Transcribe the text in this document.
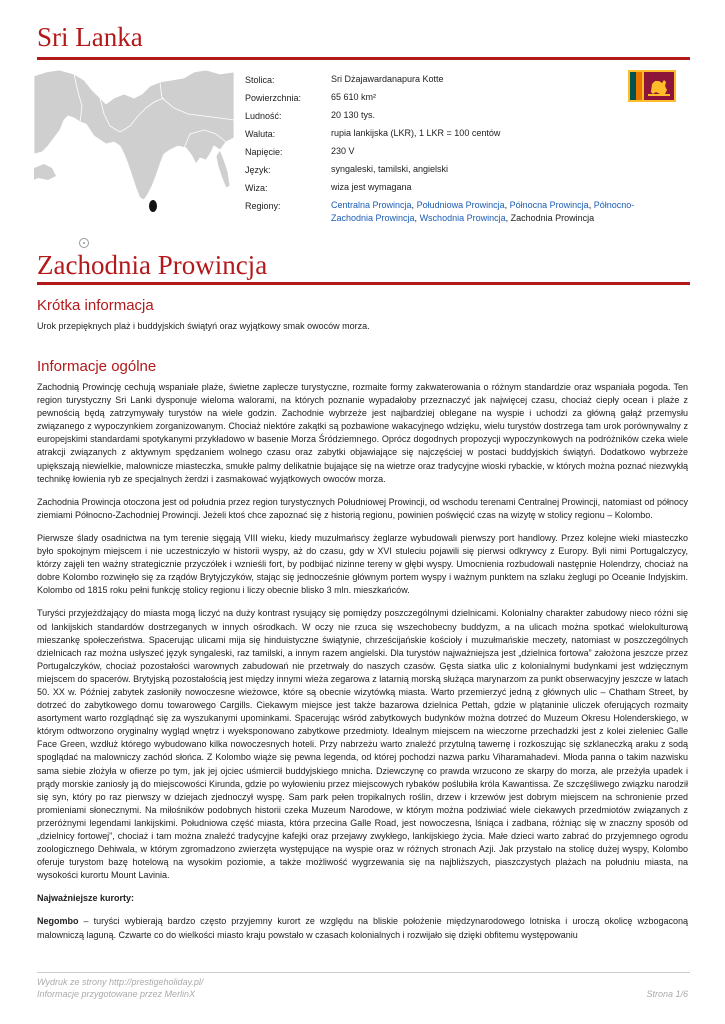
Sri Lanka
Stolica:	Sri Dżajawardanapura Kotte
Powierzchnia:	65 610 km²
Ludność:	20 130 tys.
Waluta:	rupia lankijska (LKR), 1 LKR = 100 centów
Napięcie:	230 V
Język:	syngaleski, tamilski, angielski
Wiza:	wiza jest wymagana
Regiony:	Centralna Prowincja, Południowa Prowincja, Północna Prowincja, Północno-Zachodnia Prowincja, Wschodnia Prowincja, Zachodnia Prowincja
Zachodnia Prowincja
Krótka informacja

Urok przepięknych plaż i buddyjskich świątyń oraz wyjątkowy smak owoców morza.

Informacje ogólne

Zachodnią Prowincję cechują wspaniałe plaże, świetne zaplecze turystyczne, rozmaite formy zakwaterowania o różnym standardzie oraz wspaniała pogoda. Ten region turystyczny Sri Lanki dysponuje wieloma walorami, na których poznanie wypadałoby przeznaczyć jak najwięcej czasu, chociaż ciepły ocean i plaże z pewnością będą zatrzymywały turystów na wiele godzin. Zachodnie wybrzeże jest najbardziej oblegane na wyspie i uchodzi za główną gałąź przemysłu związanego z wypoczynkiem zorganizowanym. Chociaż niektóre zakątki są pozbawione wakacyjnego wdzięku, wielu turystów dostrzega tam urok porównywalny z europejskimi standardami spotykanymi przykładowo w basenie Morza Śródziemnego. Oprócz dogodnych propozycji wypoczynkowych na podróżników czeka wiele atrakcji związanych z aktywnym spędzaniem wolnego czasu oraz zabytki objawiające się najczęściej w postaci buddyjskich świątyń. Dodatkowo wybrzeże upiększają niewielkie, malownicze miasteczka, smukłe palmy delikatnie bujające się na wietrze oraz tradycyjne wioski rybackie, w których można poznać niezwykłą technikę łowienia ryb ze specjalnych żerdzi i zasmakować wyjątkowych owoców morza.

Zachodnia Prowincja otoczona jest od południa przez region turystycznych Południowej Prowincji, od wschodu terenami Centralnej Prowincji, natomiast od północy ziemiami Północno-Zachodniej Prowincji. Jeżeli ktoś chce zapoznać się z historią regionu, powinien poświęcić czas na wizytę w stolicy regionu – Kolombo.

Pierwsze ślady osadnictwa na tym terenie sięgają VIII wieku, kiedy muzułmańscy żeglarze wybudowali pierwszy port handlowy. Przez kolejne wieki miasteczko było spokojnym miejscem i nie uczestniczyło w historii wyspy, aż do czasu, gdy w XVI stuleciu pojawili się pierwsi odkrywcy z Europy. Byli nimi Portugalczycy, którzy zajęli ten ważny strategicznie przyczółek i wznieśli fort, by podbijać nizinne tereny w głębi wyspy. Umocnienia rozbudowali następnie Holendrzy, chociaż na dobre Kolombo rozwinęło się za rządów Brytyjczyków, stając się jednocześnie głównym portem wyspy i ważnym punktem na szlaku żeglugi po Oceanie Indyjskim. Kolombo od 1815 roku pełni funkcję stolicy regionu i liczy obecnie blisko 3 mln. mieszkańców.

Turyści przyjeżdżający do miasta mogą liczyć na duży kontrast rysujący się pomiędzy poszczególnymi dzielnicami. Kolonialny charakter zabudowy nieco różni się od lankijskich standardów dostrzeganych w innych ośrodkach. W oczy nie rzuca się wszechobecny buddyzm, a na ulicach można spotkać wielokulturową mieszankę społeczeństwa. Spacerując ulicami mija się hinduistyczne świątynie, chrześcijańskie kościoły i muzułmańskie meczety, natomiast w poszczególnych dzielnicach raz można usłyszeć język syngaleski, raz tamilski, a innym razem angielski. Dla turystów najważniejsza jest „dzielnica fortowa” założona jeszcze przez Portugalczyków, chociaż pozostałości warownych zabudowań nie przetrwały do naszych czasów. Gęsta siatka ulic z kolonialnymi budynkami jest wdzięcznym miejscem do spacerów. Brytyjską pozostałością jest między innymi wieża zegarowa z latarnią morską służąca marynarzom za punkt obserwacyjny jeszcze w latach 50. XX w. Później zabytek zasłoniły nowoczesne wieżowce, które są obecnie wizytówką miasta. Warto przemierzyć jedną z głównych ulic – Chatham Street, by dotrzeć do zabytkowego domu towarowego Cargills. Ciekawym miejsce jest także bazarowa dzielnica Pettah, gdzie w plątaninie uliczek oferujących rozmaity asortyment warto rozglądnąć się za wyszukanymi upominkami. Spacerując wśród zabytkowych budynków można dotrzeć do Muzeum Okresu Holenderskiego, w którym odtworzono oryginalny wygląd wnętrz i wyeksponowano zabytkowe przedmioty. Idealnym miejscem na wieczorne przechadzki jest z kolei zieleniec Galle Face Green, wzdłuż którego wybudowano kilka nowoczesnych hoteli. Przy nabrzeżu warto znaleźć przytulną tawernę i rozkoszując się szklaneczką araku z sodą spoglądać na malowniczy zachód słońca. Z Kolombo wiąże się pewna legenda, od której pochodzi nazwa parku Viharamahadevi. Młoda panna o takim nazwisku sama siebie złożyła w ofierze po tym, jak jej ojciec uśmiercił buddyjskiego mnicha. Dziewczynę co prawda wrzucono ze skarpy do morza, ale przeżyła upadek i prądy morskie zaniosły ją do miejscowości Kirunda, gdzie po wyłowieniu przez miejscowych rybaków poślubiła króla Kawantissa. Ze szczęśliwego związku narodził się syn, który po raz pierwszy w dziejach zjednoczył wyspę. Sam park pełen tropikalnych roślin, drzew i krzewów jest dobrym miejscem na schronienie przed promieniami słonecznymi. Na miłośników podobnych historii czeka Muzeum Narodowe, w którym można podziwiać wiele ciekawych przedmiotów związanych z przeróżnymi legendami lankijskimi. Południowa część miasta, która przecina Galle Road, jest nowoczesna, lśniąca i zadbana, różniąc się w znaczny sposób od „dzielnicy fortowej”, chociaż i tam można znaleźć tradycyjne kafejki oraz przejawy zwykłego, lankijskiego życia. Małe dzieci warto zabrać do przyjemnego ogrodu zoologicznego Dehiwala, w którym zgromadzono zwierzęta występujące na wyspie oraz w różnych stronach Azji. Jak przystało na stolicę dużej wyspy, Kolombo oferuje turystom bazę hotelową na wysokim poziomie, a także możliwość wygrzewania się na najbliższych, piaszczystych plażach na południu miasta, na wysokości kurortu Mount Lavinia.

Najważniejsze kurorty:

Negombo – turyści wybierają bardzo często przyjemny kurort ze względu na bliskie położenie międzynarodowego lotniska i uroczą okolicę wzbogaconą malowniczą laguną. Czwarte co do wielkości miasto kraju powstało w czasach kolonialnych i rozwijało się dzięki obfitemu występowaniu

Wydruk ze strony http://prestigeholiday.pl/
Informacje przygotowane przez MerlinX	Strona 1/6
